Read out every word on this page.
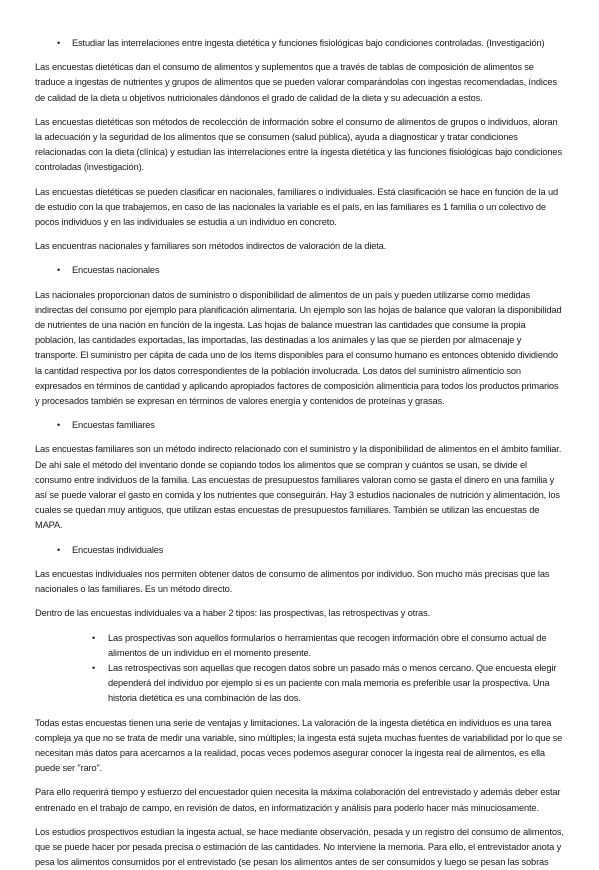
• Estudiar las interrelaciones entre ingesta dietética y funciones fisiológicas bajo condiciones controladas. (Investigación)

Las encuestas dietéticas dan el consumo de alimentos y suplementos que a través de tablas de composición de alimentos se traduce a ingestas de nutrientes y grupos de alimentos que se pueden valorar comparándolas con ingestas recomendadas, índices de calidad de la dieta u objetivos nutricionales dándonos el grado de calidad de la dieta y su adecuación a estos.

Las encuestas dietéticas son métodos de recolección de información sobre el consumo de alimentos de grupos o individuos, aloran la adecuación y la seguridad de los alimentos que se consumen (salud pública), ayuda a diagnosticar y tratar condiciones relacionadas con la dieta (clínica) y estudian las interrelaciones entre la ingesta dietética y las funciones fisiológicas bajo condiciones controladas (investigación).

Las encuestas dietéticas se pueden clasificar en nacionales, familiares o individuales. Está clasificación se hace en función de la ud de estudio con la que trabajemos, en caso de las nacionales la variable es el país, en las familiares es 1 familia o un colectivo de pocos individuos y en las individuales se estudia a un individuo en concreto.

Las encuentras nacionales y familiares son métodos indirectos de valoración de la dieta.

• Encuestas nacionales

Las nacionales proporcionan datos de suministro o disponibilidad de alimentos de un país y pueden utilizarse como medidas indirectas del consumo por ejemplo para planificación alimentaria. Un ejemplo son las hojas de balance que valoran la disponibilidad de nutrientes de una nación en función de la ingesta. Las hojas de balance muestran las cantidades que consume la propia población, las cantidades exportadas, las importadas, las destinadas a los animales y las que se pierden por almacenaje y transporte. El suministro per cápita de cada uno de los ítems disponibles para el consumo humano es entonces obtenido dividiendo la cantidad respectiva por los datos correspondientes de la población involucrada. Los datos del suministro alimenticio son expresados en términos de cantidad y aplicando apropiados factores de composición alimenticia para todos los productos primarios y procesados también se expresan en términos de valores energía y contenidos de proteínas y grasas.

• Encuestas familiares

Las encuestas familiares son un método indirecto relacionado con el suministro y la disponibilidad de alimentos en el ámbito familiar. De ahí sale el método del inventario donde se copiando todos los alimentos que se compran y cuántos se usan, se divide el consumo entre individuos de la familia. Las encuestas de presupuestos familiares valoran como se gasta el dinero en una familia y así se puede valorar el gasto en comida y los nutrientes que conseguirán. Hay 3 estudios nacionales de nutrición y alimentación, los cuales se quedan muy antiguos, que utilizan estas encuestas de presupuestos familiares. También se utilizan las encuestas de MAPA.

• Encuestas individuales

Las encuestas individuales nos permiten obtener datos de consumo de alimentos por individuo. Son mucho más precisas que las nacionales o las familiares. Es un método directo.

Dentro de las encuestas individuales va a haber 2 tipos: las prospectivas, las retrospectivas y otras.

• Las prospectivas son aquellos formularios o herramientas que recogen información obre el consumo actual de alimentos de un individuo en el momento presente.
• Las retrospectivas son aquellas que recogen datos sobre un pasado más o menos cercano. Que encuesta elegir dependerá del individuo por ejemplo si es un paciente con mala memoria es preferible usar la prospectiva. Una historia dietética es una combinación de las dos.

Todas estas encuestas tienen una serie de ventajas y limitaciones. La valoración de la ingesta dietética en individuos es una tarea compleja ya que no se trata de medir una variable, sino múltiples; la ingesta está sujeta muchas fuentes de variabilidad por lo que se necesitan más datos para acercarnos a la realidad, pocas veces podemos asegurar conocer la ingesta real de alimentos, es ella puede ser "raro".

Para ello requerirá tiempo y esfuerzo del encuestador quien necesita la máxima colaboración del entrevistado y además deber estar entrenado en el trabajo de campo, en revisión de datos, en informatización y análisis para poderlo hacer más minuciosamente.

Los estudios prospectivos estudian la ingesta actual, se hace mediante observación, pesada y un registro del consumo de alimentos, que se puede hacer por pesada precisa o estimación de las cantidades. No interviene la memoria. Para ello, el entrevistador anota y pesa los alimentos consumidos por el entrevistado (se pesan los alimentos antes de ser consumidos y luego se pesan las sobras
